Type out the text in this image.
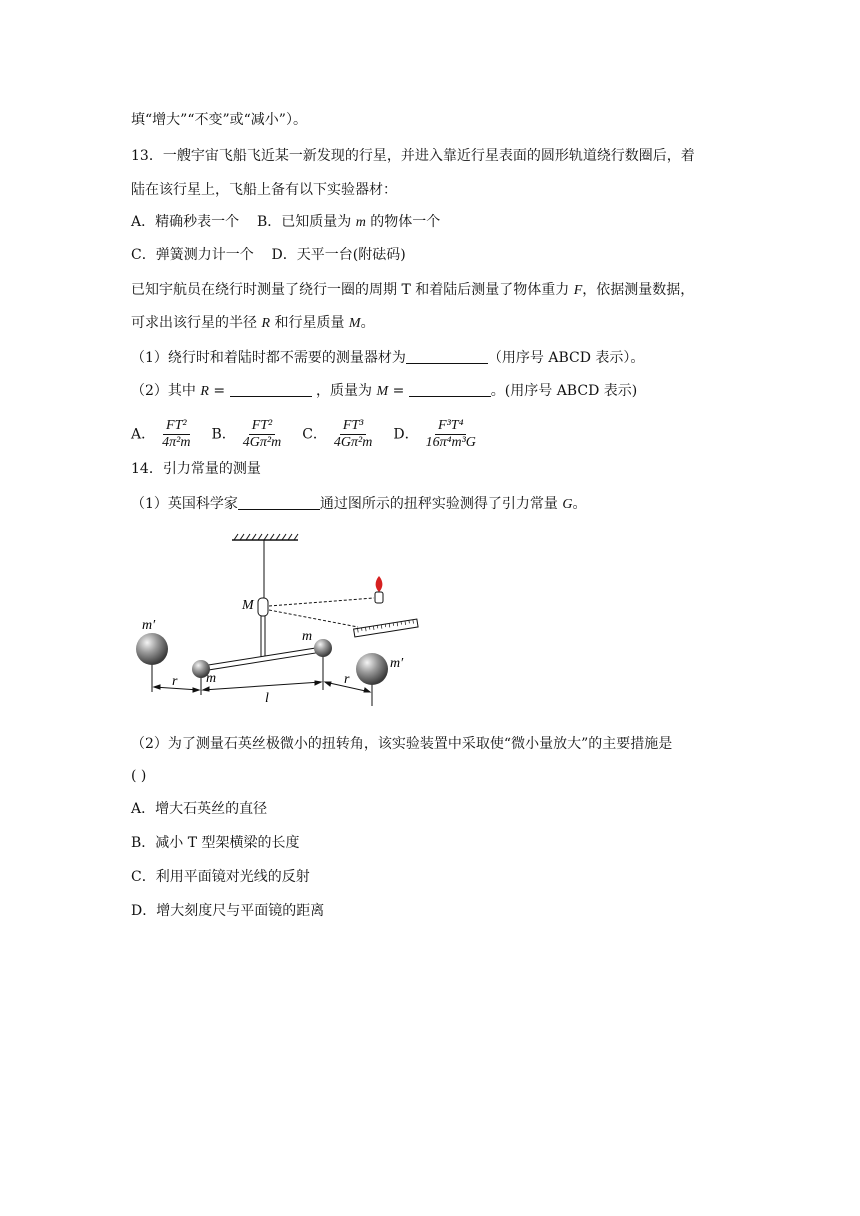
填“增大”“不变”或“减小”）。
13．一艘宇宙飞船飞近某一新发现的行星，并进入靠近行星表面的圆形轨道绕行数圈后，着
陆在该行星上，飞船上备有以下实验器材：
A．精确秒表一个 B．已知质量为 m 的物体一个
C．弹簧测力计一个 D．天平一台(附砝码)
已知宇航员在绕行时测量了绕行一圈的周期 T 和着陆后测量了物体重力 F，依据测量数据，
可求出该行星的半径 R 和行星质量 M。
（1）绕行时和着陆时都不需要的测量器材为	（用序号 ABCD 表示）。
（2）其中 R =	，质量为 M =	。(用序号 ABCD 表示)
A． $\frac{\text{FT²}}{\text{4π²m}}$ B． $\frac{\text{FT²}}{\text{4Gπ²m}}$ C． $\frac{\text{FT³}}{\text{4Gπ²m}}$ D． $\frac{\text{F³T⁴}}{\text{16π⁴m³G}}$
14．引力常量的测量
（1）英国科学家	通过图所示的扭秤实验测得了引力常量 G。
M
m
m
m′
m′
r	r
l
（2）为了测量石英丝极微小的扭转角，该实验装置中采取使“微小量放大”的主要措施是
( )
A．增大石英丝的直径
B．减小 T 型架横梁的长度
C．利用平面镜对光线的反射
D．增大刻度尺与平面镜的距离
